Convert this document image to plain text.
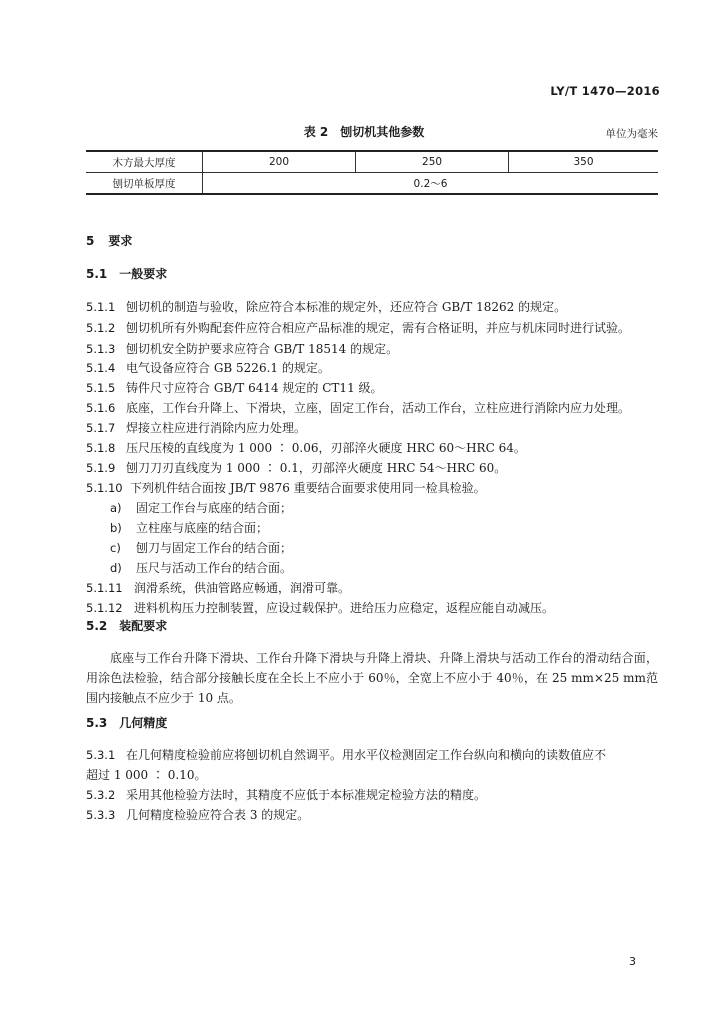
LY/T 1470—2016
表 2　刨切机其他参数	单位为毫米
木方最大厚度	200	250	350
刨切单板厚度	0.2～6		
5 要求
5.1 一般要求
5.1.1 刨切机的制造与验收，除应符合本标准的规定外，还应符合 GB/T 18262 的规定。
5.1.2 刨切机所有外购配套件应符合相应产品标准的规定，需有合格证明，并应与机床同时进行试验。
5.1.3 刨切机安全防护要求应符合 GB/T 18514 的规定。
5.1.4 电气设备应符合 GB 5226.1 的规定。
5.1.5 铸件尺寸应符合 GB/T 6414 规定的 CT11 级。
5.1.6 底座，工作台升降上、下滑块，立座，固定工作台，活动工作台，立柱应进行消除内应力处理。
5.1.7 焊接立柱应进行消除内应力处理。
5.1.8 压尺压棱的直线度为 1 000 ∶ 0.06，刃部淬火硬度 HRC 60～HRC 64。
5.1.9 刨刀刀刃直线度为 1 000 ∶ 0.1，刃部淬火硬度 HRC 54～HRC 60。
5.1.10 下列机件结合面按 JB/T 9876 重要结合面要求使用同一检具检验。
a) 固定工作台与底座的结合面；
b) 立柱座与底座的结合面；
c) 刨刀与固定工作台的结合面；
d) 压尺与活动工作台的结合面。
5.1.11 润滑系统，供油管路应畅通，润滑可靠。
5.1.12 进料机构压力控制装置，应设过载保护。进给压力应稳定，返程应能自动减压。
5.2 装配要求
底座与工作台升降下滑块、工作台升降下滑块与升降上滑块、升降上滑块与活动工作台的滑动结合面，用涂色法检验，结合部分接触长度在全长上不应小于 60％，全宽上不应小于 40％，在 25 mm×25 mm范围内接触点不应少于 10 点。
5.3 几何精度
5.3.1 在几何精度检验前应将刨切机自然调平。用水平仪检测固定工作台纵向和横向的读数值应不
超过 1 000 ∶ 0.10。
5.3.2 采用其他检验方法时，其精度不应低于本标准规定检验方法的精度。
5.3.3 几何精度检验应符合表 3 的规定。
3
